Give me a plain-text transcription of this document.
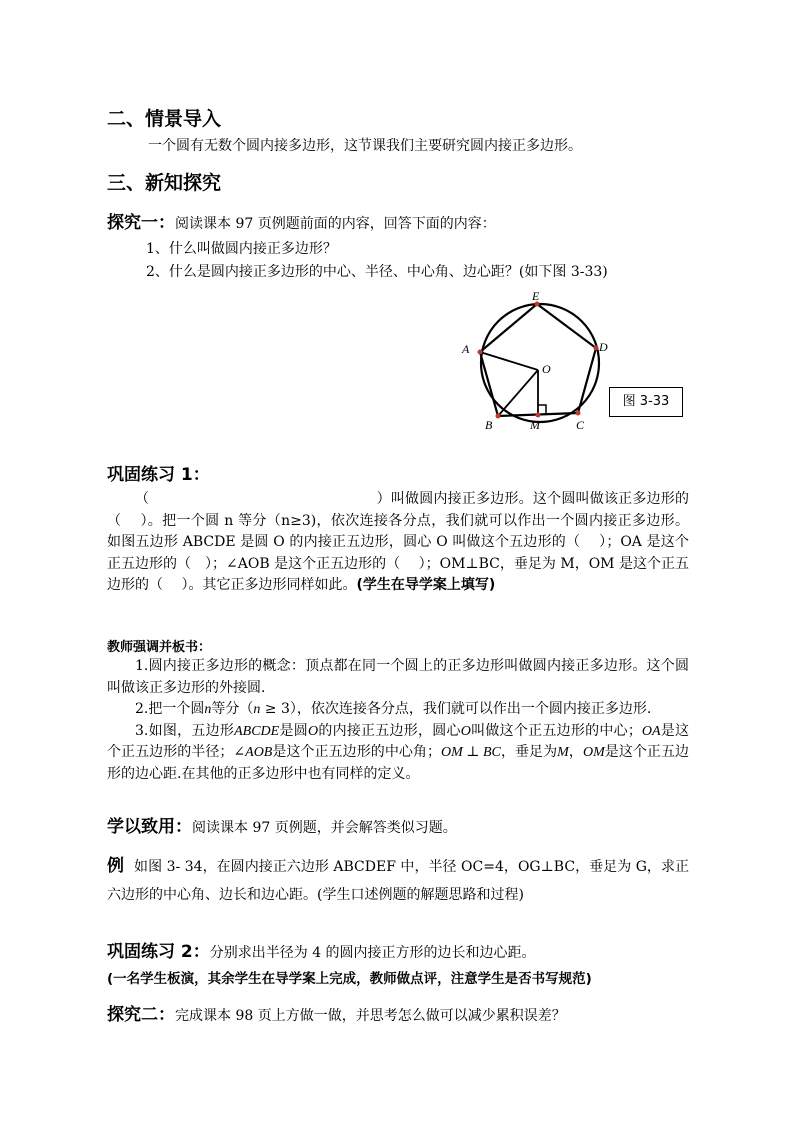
二、情景导入
一个圆有无数个圆内接多边形，这节课我们主要研究圆内接正多边形。
三、新知探究
探究一：阅读课本 97 页例题前面的内容，回答下面的内容：
1、什么叫做圆内接正多边形？
2、什么是圆内接正多边形的中心、半径、中心角、边心距？(如下图 3-33)
E
A	D
O
B	M	C
图 3-33
巩固练习 1：

（　　　　　　　　　　　　　　　　）叫做圆内接正多边形。这个圆叫做该正多边形的（　 ）。把一个圆 n 等分（n≥3)，依次连接各分点，我们就可以作出一个圆内接正多边形。如图五边形 ABCDE 是圆 O 的内接正五边形，圆心 O 叫做这个五边形的（　 ）；OA 是这个正五边形的（　）；∠AOB 是这个正五边形的（　 ）；OM⊥BC，垂足为 M，OM 是这个正五边形的（　 ）。其它正多边形同样如此。(学生在导学案上填写)

教师强调并板书：

1.圆内接正多边形的概念：顶点都在同一个圆上的正多边形叫做圆内接正多边形。这个圆叫做该正多边形的外接圆.

2.把一个圆n等分（n ≥ 3），依次连接各分点，我们就可以作出一个圆内接正多边形.

3.如图，五边形ABCDE是圆O的内接正五边形，圆心O叫做这个正五边形的中心；OA是这个正五边形的半径；∠AOB是这个正五边形的中心角；OM ⊥ BC，垂足为M，OM是这个正五边形的边心距.在其他的正多边形中也有同样的定义。

学以致用：阅读课本 97 页例题，并会解答类似习题。

例 如图 3- 34，在圆内接正六边形 ABCDEF 中，半径 OC=4，OG⊥BC，垂足为 G，求正六边形的中心角、边长和边心距。(学生口述例题的解题思路和过程)

巩固练习 2：分别求出半径为 4 的圆内接正方形的边长和边心距。
(一名学生板演，其余学生在导学案上完成，教师做点评，注意学生是否书写规范)
探究二：完成课本 98 页上方做一做，并思考怎么做可以减少累积误差？
